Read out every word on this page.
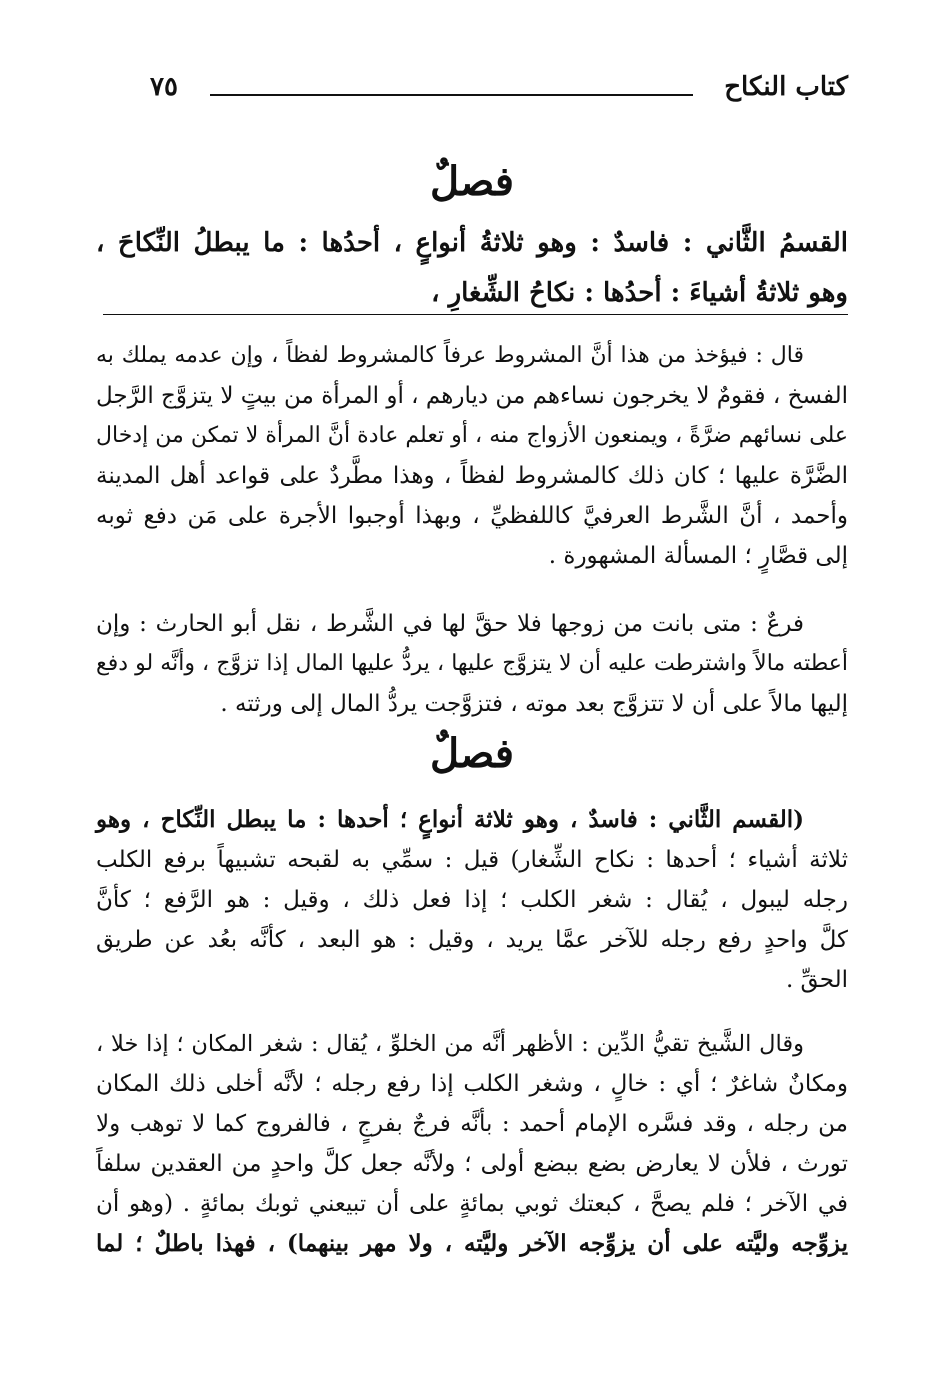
كتاب النكاح
٧٥
فصلٌ
القسمُ الثَّاني : فاسدٌ : وهو ثلاثةُ أنواعٍ ، أحدُها : ما يبطلُ النِّكاحَ ،
وهو ثلاثةُ أشياءَ : أحدُها : نكاحُ الشِّغارِ ،
قال : فيؤخذ من هذا أنَّ المشروط عرفاً كالمشروط لفظاً ، وإن عدمه يملك به
الفسخ ، فقومٌ لا يخرجون نساءهم من ديارهم ، أو المرأة من بيتٍ لا يتزوَّج الرَّجل
على نسائهم ضرَّةً ، ويمنعون الأزواج منه ، أو تعلم عادة أنَّ المرأة لا تمكن من إدخال
الضَّرَّة عليها ؛ كان ذلك كالمشروط لفظاً ، وهذا مطَّردٌ على قواعد أهل المدينة
وأحمد ، أنَّ الشَّرط العرفيَّ كاللفظيِّ ، وبهذا أوجبوا الأجرة على مَن دفع ثوبه
إلى قصَّارٍ ؛ المسألة المشهورة .
فرعٌ : متى بانت من زوجها فلا حقَّ لها في الشَّرط ، نقل أبو الحارث : وإن
أعطته مالاً واشترطت عليه أن لا يتزوَّج عليها ، يردُّ عليها المال إذا تزوَّج ، وأنَّه لو دفع
إليها مالاً على أن لا تتزوَّج بعد موته ، فتزوَّجت يردُّ المال إلى ورثته .
فصلٌ
(القسم الثَّاني : فاسدٌ ، وهو ثلاثة أنواعٍ ؛ أحدها : ما يبطل النِّكاح ، وهو
ثلاثة أشياء ؛ أحدها : نكاح الشِّغار) قيل : سمِّي به لقبحه تشبيهاً برفع الكلب
رجله ليبول ، يُقال : شغر الكلب ؛ إذا فعل ذلك ، وقيل : هو الرَّفع ؛ كأنَّ
كلَّ واحدٍ رفع رجله للآخر عمَّا يريد ، وقيل : هو البعد ، كأنَّه بعُد عن طريق
الحقِّ .
وقال الشَّيخ تقيُّ الدِّين : الأظهر أنَّه من الخلوِّ ، يُقال : شغر المكان ؛ إذا خلا ،
ومكانٌ شاغرٌ ؛ أي : خالٍ ، وشغر الكلب إذا رفع رجله ؛ لأنَّه أخلى ذلك المكان
من رجله ، وقد فسَّره الإمام أحمد : بأنَّه فرجٌ بفرجٍ ، فالفروج كما لا توهب ولا
تورث ، فلأن لا يعارض بضع ببضع أولى ؛ ولأنَّه جعل كلَّ واحدٍ من العقدين سلفاً
في الآخر ؛ فلم يصحَّ ، كبعتك ثوبي بمائةٍ على أن تبيعني ثوبك بمائةٍ . (وهو أن
يزوِّجه وليَّته على أن يزوِّجه الآخر وليَّته ، ولا مهر بينهما) ، فهذا باطلٌ ؛ لما
